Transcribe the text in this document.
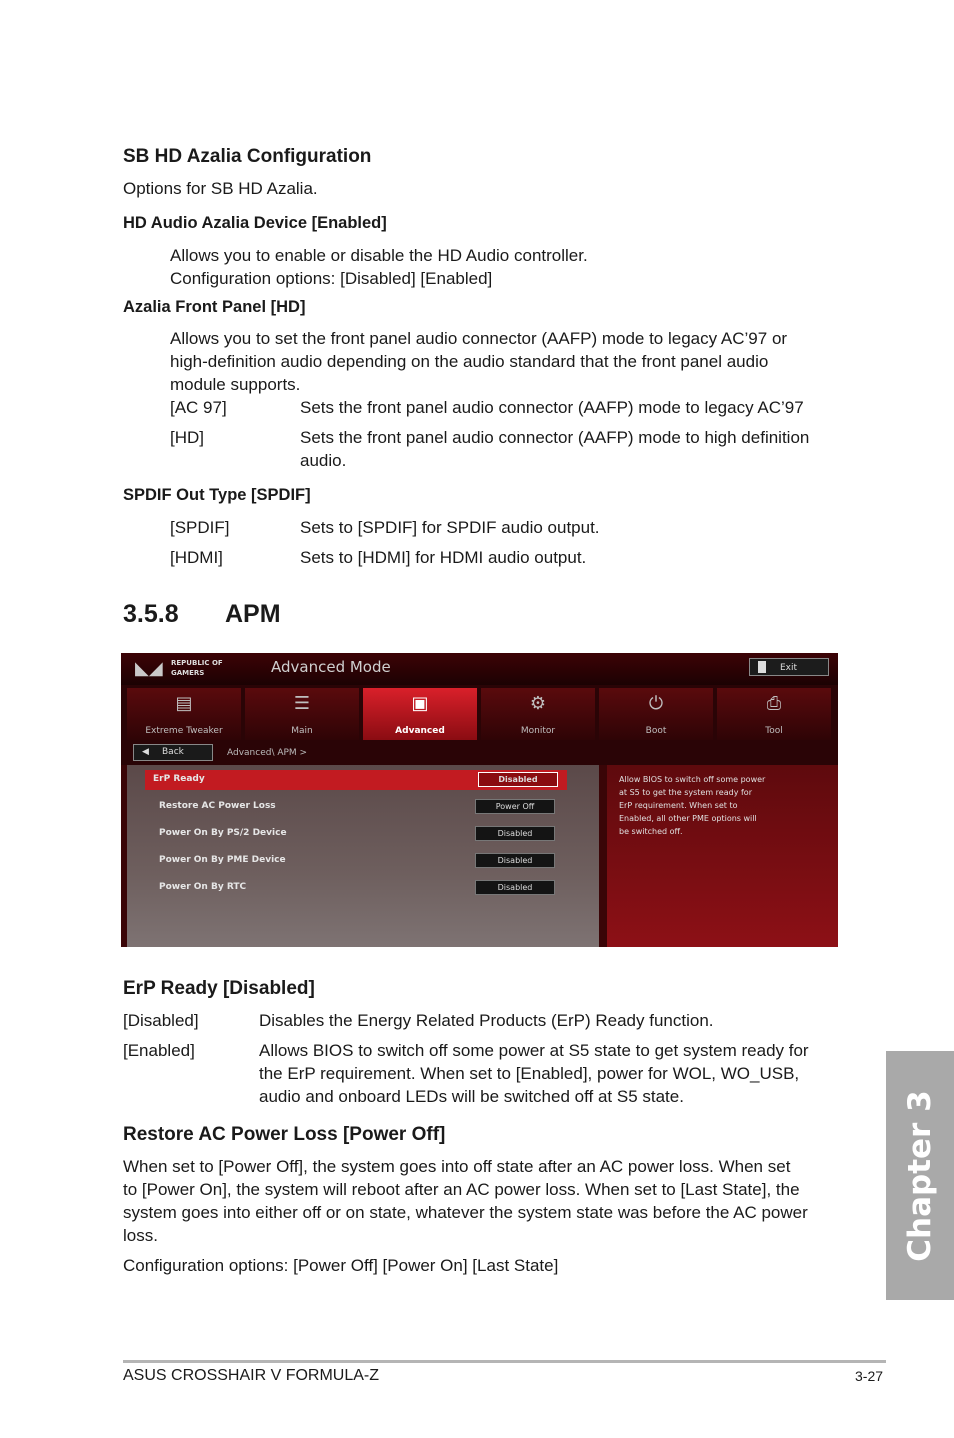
SB HD Azalia Configuration
Options for SB HD Azalia.
HD Audio Azalia Device [Enabled]
Allows you to enable or disable the HD Audio controller.
Configuration options: [Disabled] [Enabled]
Azalia Front Panel [HD]
Allows you to set the front panel audio connector (AAFP) mode to legacy AC’97 or
high-definition audio depending on the audio standard that the front panel audio
module supports.
[AC 97]	Sets the front panel audio connector (AAFP) mode to legacy AC’97
[HD]	Sets the front panel audio connector (AAFP) mode to high definition
audio.
SPDIF Out Type [SPDIF]
[SPDIF]	Sets to [SPDIF] for SPDIF audio output.
[HDMI]	Sets to [HDMI] for HDMI audio output.
3.5.8 APM
◣◢	REPUBLIC OF
GAMERS	Advanced Mode	Exit
▤
Extreme Tweaker
☰
Main
▣
Advanced
⚙
Monitor
⏻
Boot
⎙
Tool
◀ Back	Advanced\ APM >
ErP Ready	Disabled
Restore AC Power Loss	Power Off
Power On By PS/2 Device	Disabled
Power On By PME Device	Disabled
Power On By RTC	Disabled
Allow BIOS to switch off some power
at S5 to get the system ready for
ErP requirement. When set to
Enabled, all other PME options will
be switched off.
ErP Ready [Disabled]
[Disabled]	Disables the Energy Related Products (ErP) Ready function.
[Enabled]	Allows BIOS to switch off some power at S5 state to get system ready for
the ErP requirement. When set to [Enabled], power for WOL, WO_USB,
audio and onboard LEDs will be switched off at S5 state.
Restore AC Power Loss [Power Off]
When set to [Power Off], the system goes into off state after an AC power loss. When set
to [Power On], the system will reboot after an AC power loss. When set to [Last State], the
system goes into either off or on state, whatever the system state was before the AC power
loss.
Configuration options: [Power Off] [Power On] [Last State]
Chapter 3
ASUS CROSSHAIR V FORMULA-Z	3-27
